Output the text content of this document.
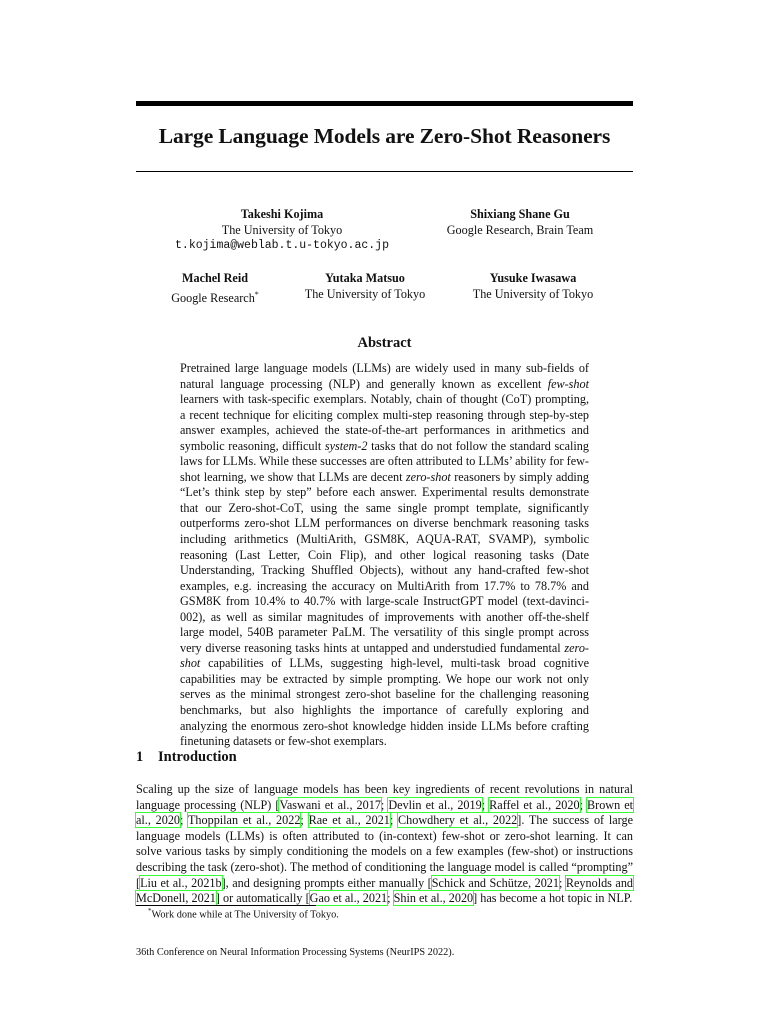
Large Language Models are Zero-Shot Reasoners
Takeshi Kojima
The University of Tokyo
t.kojima@weblab.t.u-tokyo.ac.jp
Shixiang Shane Gu
Google Research, Brain Team
Machel Reid
Google Research*
Yutaka Matsuo
The University of Tokyo
Yusuke Iwasawa
The University of Tokyo
Abstract

Pretrained large language models (LLMs) are widely used in many sub-fields of natural language processing (NLP) and generally known as excellent few-shot learners with task-specific exemplars. Notably, chain of thought (CoT) prompting, a recent technique for eliciting complex multi-step reasoning through step-by-step answer examples, achieved the state-of-the-art performances in arithmetics and symbolic reasoning, difficult system-2 tasks that do not follow the standard scaling laws for LLMs. While these successes are often attributed to LLMs’ ability for few-shot learning, we show that LLMs are decent zero-shot reasoners by simply adding “Let’s think step by step” before each answer. Experimental results demonstrate that our Zero-shot-CoT, using the same single prompt template, significantly outperforms zero-shot LLM performances on diverse benchmark reasoning tasks including arithmetics (MultiArith, GSM8K, AQUA-RAT, SVAMP), symbolic reasoning (Last Letter, Coin Flip), and other logical reasoning tasks (Date Understanding, Tracking Shuffled Objects), without any hand-crafted few-shot examples, e.g. increasing the accuracy on MultiArith from 17.7% to 78.7% and GSM8K from 10.4% to 40.7% with large-scale InstructGPT model (text-davinci-002), as well as similar magnitudes of improvements with another off-the-shelf large model, 540B parameter PaLM. The versatility of this single prompt across very diverse reasoning tasks hints at untapped and understudied fundamental zero-shot capabilities of LLMs, suggesting high-level, multi-task broad cognitive capabilities may be extracted by simple prompting. We hope our work not only serves as the minimal strongest zero-shot baseline for the challenging reasoning benchmarks, but also highlights the importance of carefully exploring and analyzing the enormous zero-shot knowledge hidden inside LLMs before crafting finetuning datasets or few-shot exemplars.

1 Introduction

Scaling up the size of language models has been key ingredients of recent revolutions in natural language processing (NLP) [Vaswani et al., 2017; Devlin et al., 2019; Raffel et al., 2020; Brown et al., 2020; Thoppilan et al., 2022; Rae et al., 2021; Chowdhery et al., 2022]. The success of large language models (LLMs) is often attributed to (in-context) few-shot or zero-shot learning. It can solve various tasks by simply conditioning the models on a few examples (few-shot) or instructions describing the task (zero-shot). The method of conditioning the language model is called “prompting” [Liu et al., 2021b], and designing prompts either manually [Schick and Schütze, 2021; Reynolds and McDonell, 2021] or automatically [Gao et al., 2021; Shin et al., 2020] has become a hot topic in NLP.

*Work done while at The University of Tokyo.
36th Conference on Neural Information Processing Systems (NeurIPS 2022).
